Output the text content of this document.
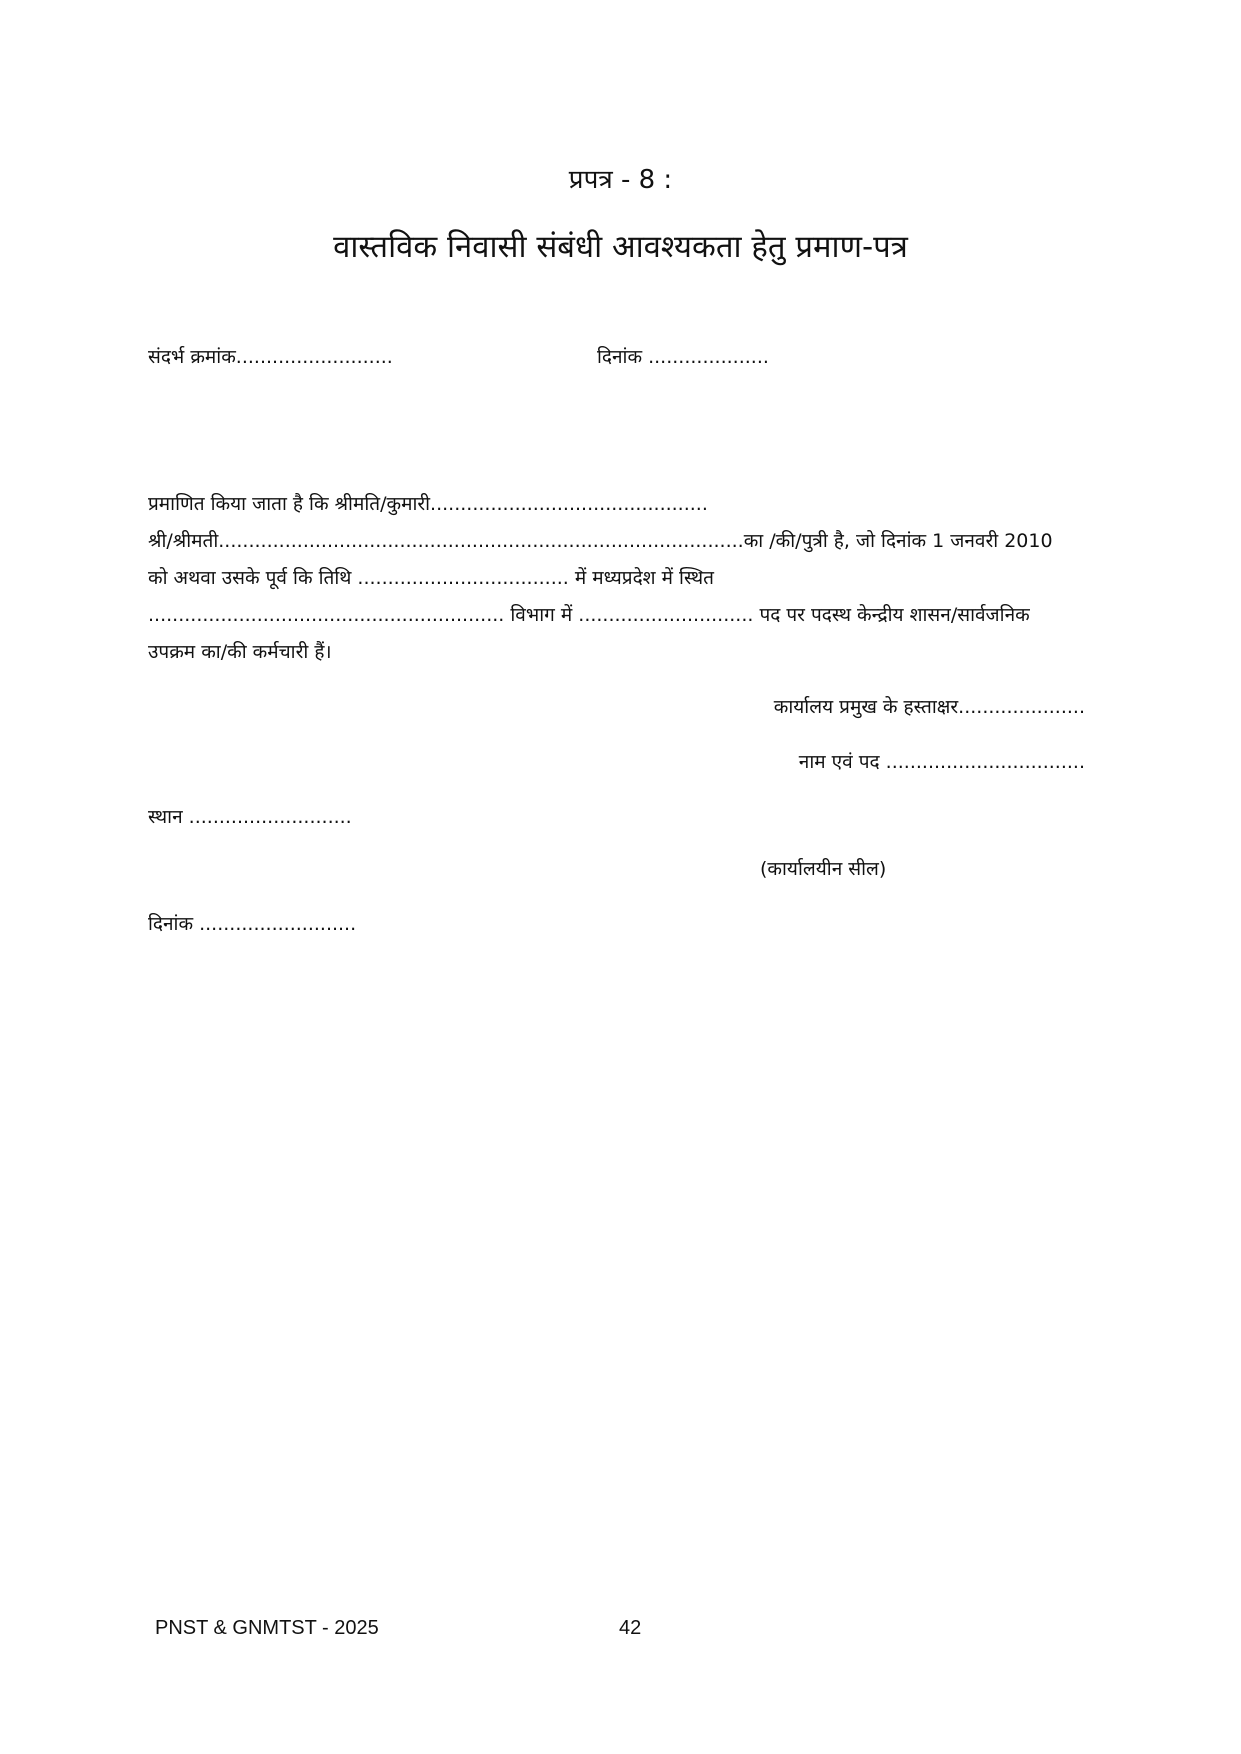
प्रपत्र - 8 :
वास्तविक निवासी संबंधी आवश्यकता हेतु प्रमाण-पत्र
संदर्भ क्रमांक..........................	दिनांक ....................
प्रमाणित किया जाता है कि श्रीमति/कुमारी..............................................
श्री/श्रीमती.......................................................................................का /की/पुत्री है, जो दिनांक 1 जनवरी 2010
को अथवा उसके पूर्व कि तिथि ................................... में मध्यप्रदेश में स्थित
........................................................... विभाग में ............................. पद पर पदस्थ केन्द्रीय शासन/सार्वजनिक
उपक्रम का/की कर्मचारी हैं।
कार्यालय प्रमुख के हस्ताक्षर.....................
नाम एवं पद .................................
स्थान ...........................
(कार्यालयीन सील)
दिनांक ..........................
PNST & GNMTST - 2025	42
